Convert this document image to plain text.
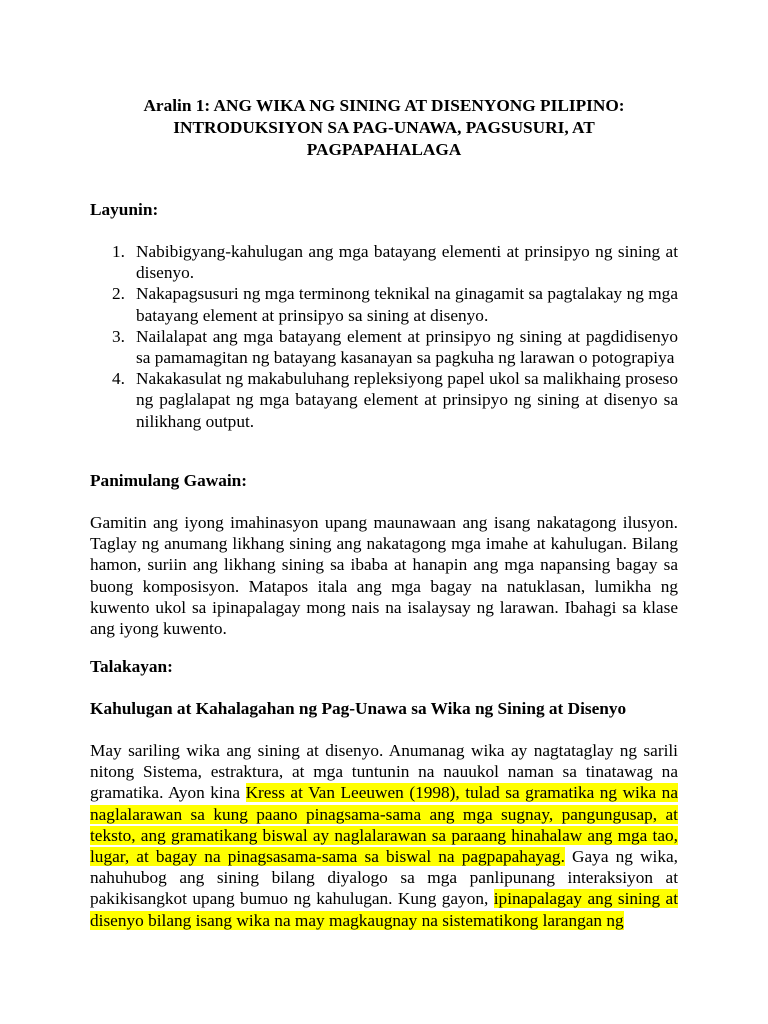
Aralin 1: ANG WIKA NG SINING AT DISENYONG PILIPINO:
INTRODUKSIYON SA PAG-UNAWA, PAGSUSURI, AT
PAGPAPAHALAGA
Layunin:
1. Nabibigyang-kahulugan ang mga batayang elementi at prinsipyo ng sining at disenyo.
2. Nakapagsusuri ng mga terminong teknikal na ginagamit sa pagtalakay ng mga batayang element at prinsipyo sa sining at disenyo.
3. Nailalapat ang mga batayang element at prinsipyo ng sining at pagdidisenyo sa pamamagitan ng batayang kasanayan sa pagkuha ng larawan o potograpiya
4. Nakakasulat ng makabuluhang repleksiyong papel ukol sa malikhaing proseso ng paglalapat ng mga batayang element at prinsipyo ng sining at disenyo sa nilikhang output.
Panimulang Gawain:

Gamitin ang iyong imahinasyon upang maunawaan ang isang nakatagong ilusyon. Taglay ng anumang likhang sining ang nakatagong mga imahe at kahulugan. Bilang hamon, suriin ang likhang sining sa ibaba at hanapin ang mga napansing bagay sa buong komposisyon. Matapos itala ang mga bagay na natuklasan, lumikha ng kuwento ukol sa ipinapalagay mong nais na isalaysay ng larawan. Ibahagi sa klase ang iyong kuwento.

Talakayan:
Kahulugan at Kahalagahan ng Pag-Unawa sa Wika ng Sining at Disenyo

May sariling wika ang sining at disenyo. Anumanag wika ay nagtataglay ng sarili nitong Sistema, estraktura, at mga tuntunin na nauukol naman sa tinatawag na gramatika. Ayon kina Kress at Van Leeuwen (1998), tulad sa gramatika ng wika na naglalarawan sa kung paano pinagsama-sama ang mga sugnay, pangungusap, at teksto, ang gramatikang biswal ay naglalarawan sa paraang hinahalaw ang mga tao, lugar, at bagay na pinagsasama-sama sa biswal na pagpapahayag. Gaya ng wika, nahuhubog ang sining bilang diyalogo sa mga panlipunang interaksiyon at pakikisangkot upang bumuo ng kahulugan. Kung gayon, ipinapalagay ang sining at disenyo bilang isang wika na may magkaugnay na sistematikong larangan ng
